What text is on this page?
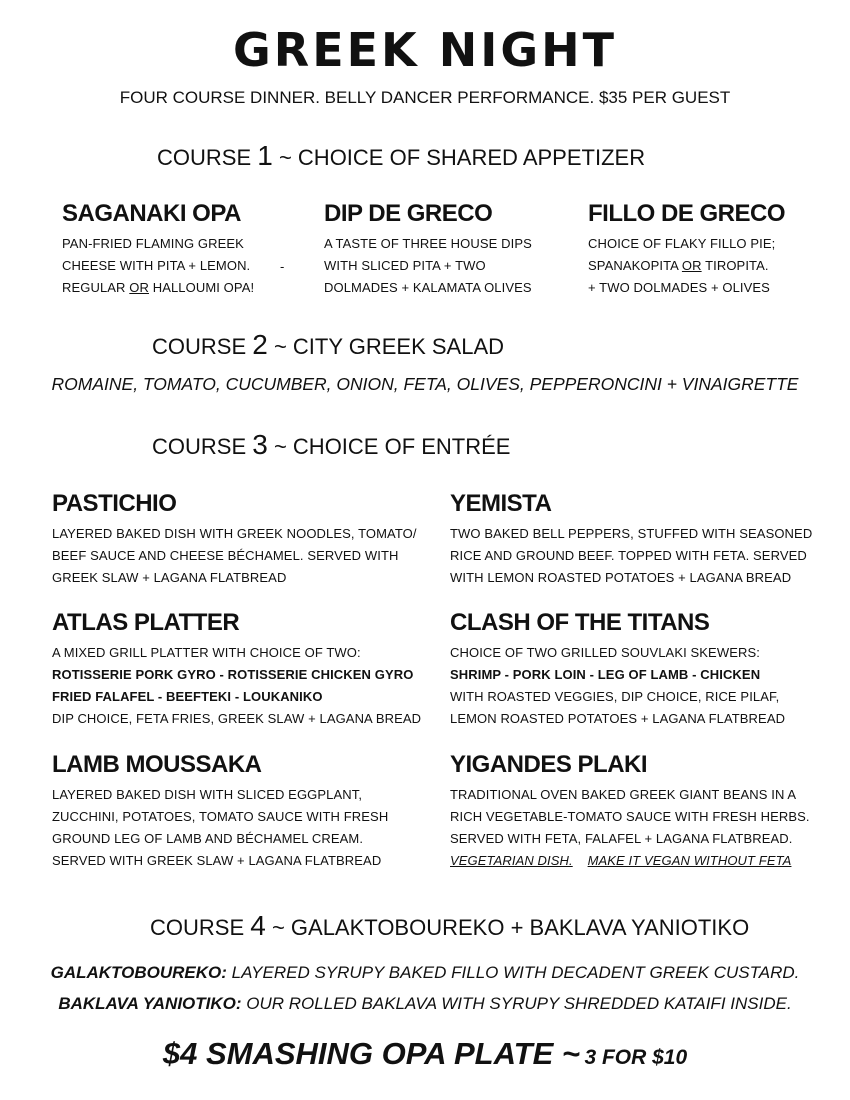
GREEK NIGHT
FOUR COURSE DINNER. BELLY DANCER PERFORMANCE. $35 PER GUEST
COURSE 1 ~ CHOICE OF SHARED APPETIZER
SAGANAKI OPA
PAN-FRIED FLAMING GREEK
CHEESE WITH PITA + LEMON.
REGULAR OR HALLOUMI OPA!
-
DIP DE GRECO
A TASTE OF THREE HOUSE DIPS
WITH SLICED PITA + TWO
DOLMADES + KALAMATA OLIVES
FILLO DE GRECO
CHOICE OF FLAKY FILLO PIE;
SPANAKOPITA OR TIROPITA.
+ TWO DOLMADES + OLIVES
COURSE 2 ~ CITY GREEK SALAD
ROMAINE, TOMATO, CUCUMBER, ONION, FETA, OLIVES, PEPPERONCINI + VINAIGRETTE
COURSE 3 ~ CHOICE OF ENTRÉE
PASTICHIO
LAYERED BAKED DISH WITH GREEK NOODLES, TOMATO/
BEEF SAUCE AND CHEESE BÉCHAMEL. SERVED WITH
GREEK SLAW + LAGANA FLATBREAD
YEMISTA
TWO BAKED BELL PEPPERS, STUFFED WITH SEASONED
RICE AND GROUND BEEF. TOPPED WITH FETA. SERVED
WITH LEMON ROASTED POTATOES + LAGANA BREAD
ATLAS PLATTER
A MIXED GRILL PLATTER WITH CHOICE OF TWO:
ROTISSERIE PORK GYRO - ROTISSERIE CHICKEN GYRO
FRIED FALAFEL - BEEFTEKI - LOUKANIKO
DIP CHOICE, FETA FRIES, GREEK SLAW + LAGANA BREAD
CLASH OF THE TITANS
CHOICE OF TWO GRILLED SOUVLAKI SKEWERS:
SHRIMP - PORK LOIN - LEG OF LAMB - CHICKEN
WITH ROASTED VEGGIES, DIP CHOICE, RICE PILAF,
LEMON ROASTED POTATOES + LAGANA FLATBREAD
LAMB MOUSSAKA
LAYERED BAKED DISH WITH SLICED EGGPLANT,
ZUCCHINI, POTATOES, TOMATO SAUCE WITH FRESH
GROUND LEG OF LAMB AND BÉCHAMEL CREAM.
SERVED WITH GREEK SLAW + LAGANA FLATBREAD
YIGANDES PLAKI
TRADITIONAL OVEN BAKED GREEK GIANT BEANS IN A
RICH VEGETABLE-TOMATO SAUCE WITH FRESH HERBS.
SERVED WITH FETA, FALAFEL + LAGANA FLATBREAD.
VEGETARIAN DISH. MAKE IT VEGAN WITHOUT FETA
COURSE 4 ~ GALAKTOBOUREKO + BAKLAVA YANIOTIKO
GALAKTOBOUREKO: LAYERED SYRUPY BAKED FILLO WITH DECADENT GREEK CUSTARD.
BAKLAVA YANIOTIKO: OUR ROLLED BAKLAVA WITH SYRUPY SHREDDED KATAIFI INSIDE.
$4 SMASHING OPA PLATE ~ 3 FOR $10
